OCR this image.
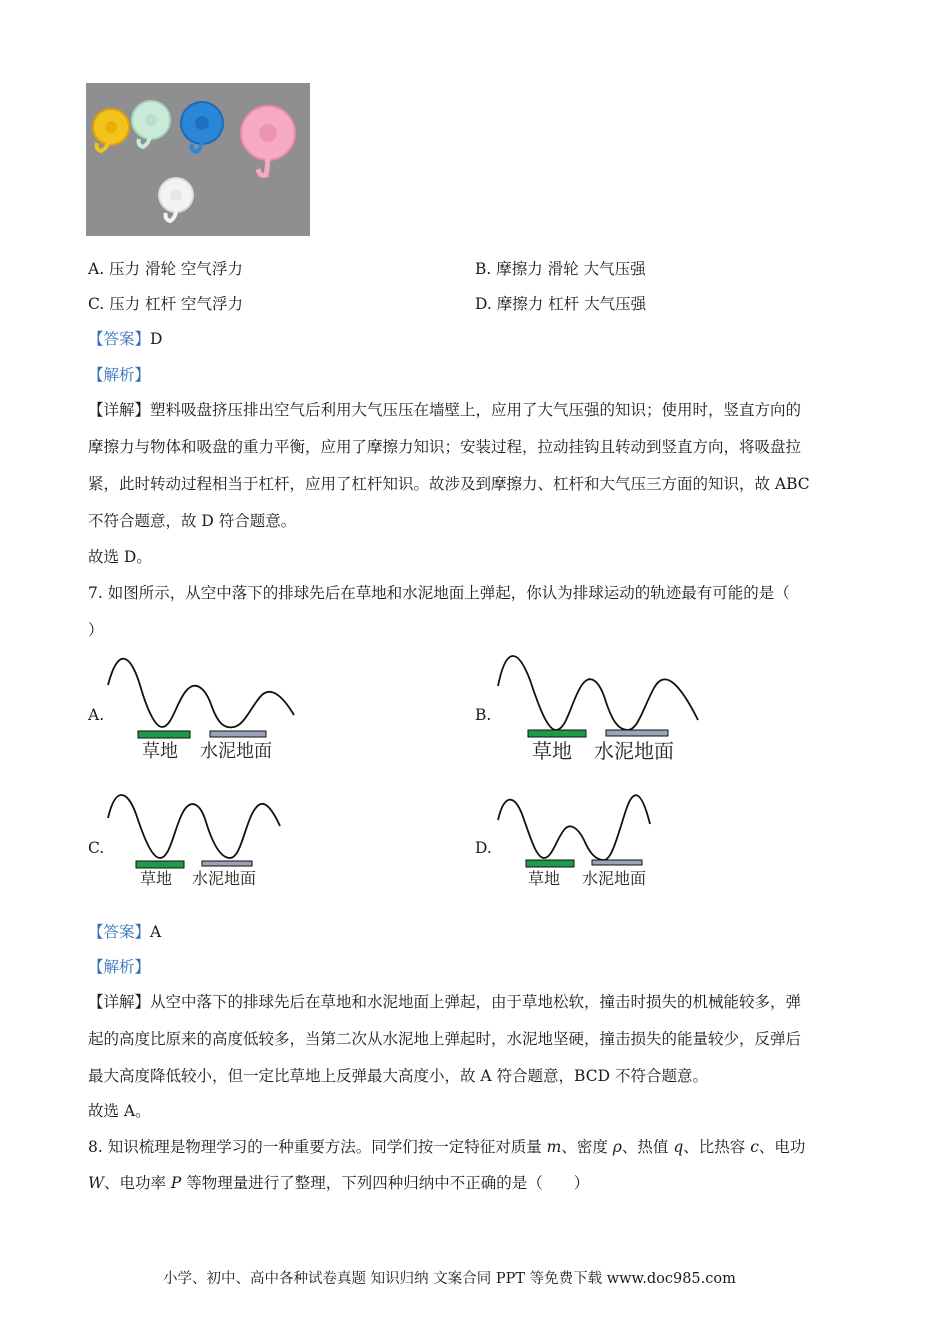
A. 压力 滑轮 空气浮力	B. 摩擦力 滑轮 大气压强
C. 压力 杠杆 空气浮力	D. 摩擦力 杠杆 大气压强
【答案】D
【解析】
【详解】塑料吸盘挤压排出空气后利用大气压压在墙壁上，应用了大气压强的知识；使用时，竖直方向的
摩擦力与物体和吸盘的重力平衡，应用了摩擦力知识；安装过程，拉动挂钩且转动到竖直方向，将吸盘拉
紧，此时转动过程相当于杠杆，应用了杠杆知识。故涉及到摩擦力、杠杆和大气压三方面的知识，故 ABC
不符合题意，故 D 符合题意。
故选 D。
7. 如图所示，从空中落下的排球先后在草地和水泥地面上弹起，你认为排球运动的轨迹最有可能的是（
）
A.
草地 水泥地面
B.
草地 水泥地面
C.
草地 水泥地面
D.
草地 水泥地面
【答案】A
【解析】
【详解】从空中落下的排球先后在草地和水泥地面上弹起，由于草地松软，撞击时损失的机械能较多，弹
起的高度比原来的高度低较多，当第二次从水泥地上弹起时，水泥地坚硬，撞击损失的能量较少，反弹后
最大高度降低较小，但一定比草地上反弹最大高度小，故 A 符合题意，BCD 不符合题意。
故选 A。
8. 知识梳理是物理学习的一种重要方法。同学们按一定特征对质量 m、密度 ρ、热值 q、比热容 c、电功
W、电功率 P 等物理量进行了整理，下列四种归纳中不正确的是（　　）
小学、初中、高中各种试卷真题 知识归纳 文案合同 PPT 等免费下载 www.doc985.com
